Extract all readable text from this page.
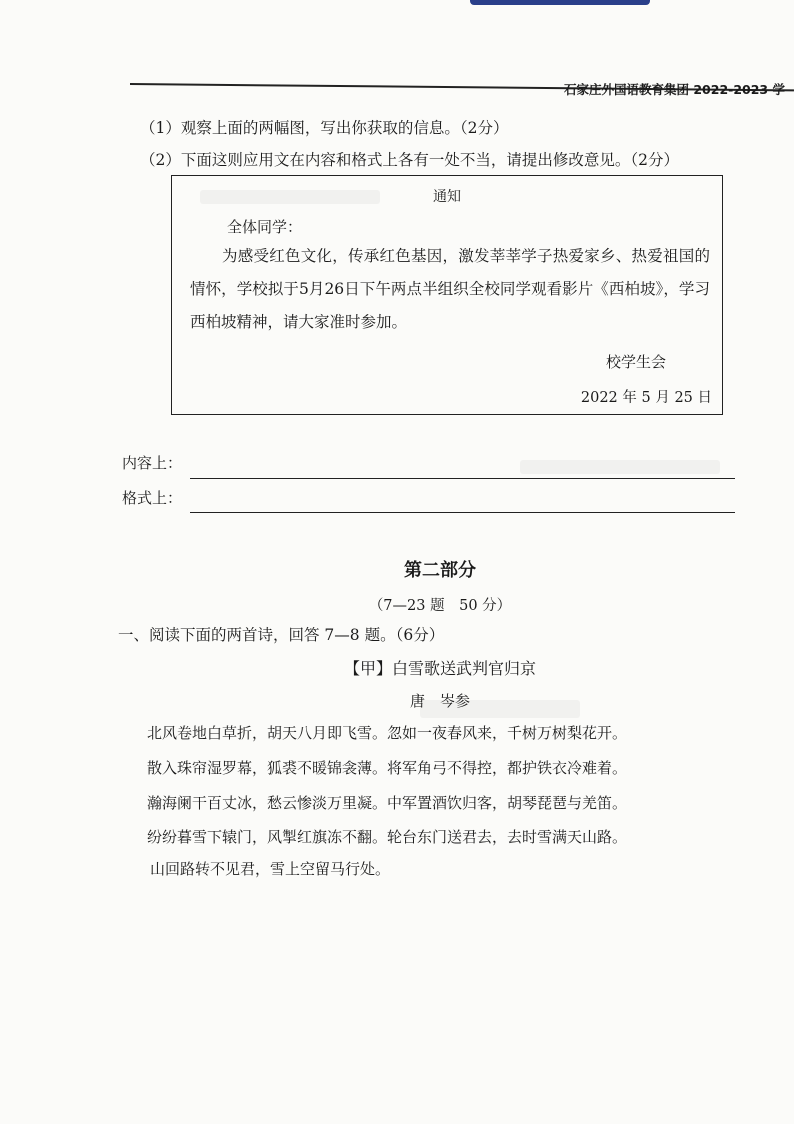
石家庄外国语教育集团 2022-2023 学
（1）观察上面的两幅图，写出你获取的信息。（2分）
（2）下面这则应用文在内容和格式上各有一处不当，请提出修改意见。（2分）
通知
全体同学：
为感受红色文化，传承红色基因，激发莘莘学子热爱家乡、热爱祖国的情怀，学校拟于5月26日下午两点半组织全校同学观看影片《西柏坡》，学习西柏坡精神，请大家准时参加。
校学生会
2022 年 5 月 25 日
内容上：
格式上：
第二部分
（7—23 题　50 分）
一、阅读下面的两首诗，回答 7—8 题。（6分）
【甲】白雪歌送武判官归京
唐　岑参
北风卷地白草折，胡天八月即飞雪。忽如一夜春风来，千树万树梨花开。
散入珠帘湿罗幕，狐裘不暖锦衾薄。将军角弓不得控，都护铁衣冷难着。
瀚海阑干百丈冰，愁云惨淡万里凝。中军置酒饮归客，胡琴琵琶与羌笛。
纷纷暮雪下辕门，风掣红旗冻不翻。轮台东门送君去，去时雪满天山路。
山回路转不见君，雪上空留马行处。
